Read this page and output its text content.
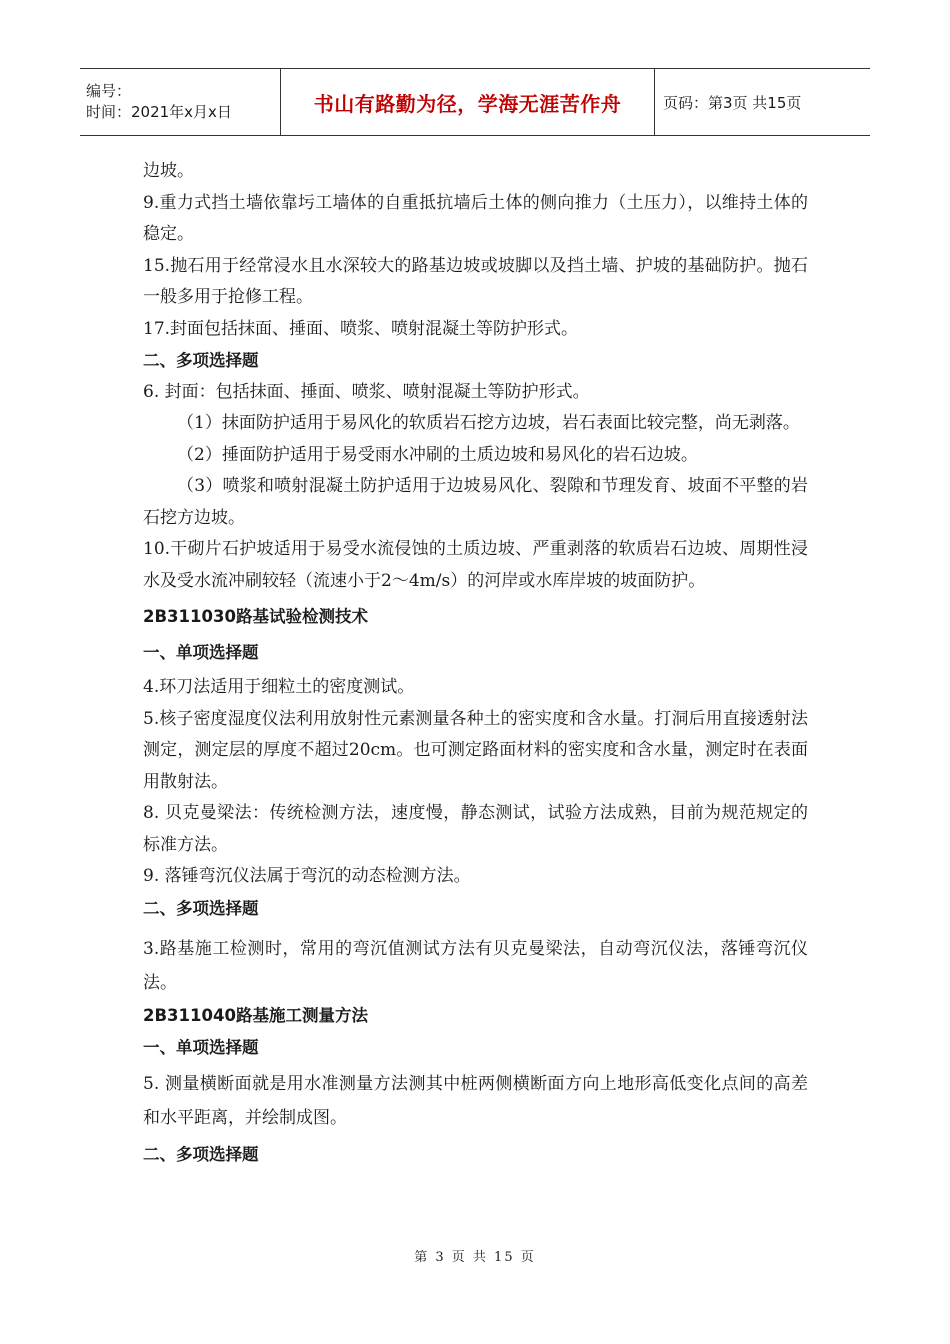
编号：
时间：2021年x月x日	书山有路勤为径，学海无涯苦作舟	页码：第3页 共15页

边坡。

9.重力式挡土墙依靠圬工墙体的自重抵抗墙后土体的侧向推力（土压力），以维持土体的稳定。

15.抛石用于经常浸水且水深较大的路基边坡或坡脚以及挡土墙、护坡的基础防护。抛石一般多用于抢修工程。

17.封面包括抹面、捶面、喷浆、喷射混凝土等防护形式。

二、多项选择题

6. 封面：包括抹面、捶面、喷浆、喷射混凝土等防护形式。

（1）抹面防护适用于易风化的软质岩石挖方边坡，岩石表面比较完整，尚无剥落。

（2）捶面防护适用于易受雨水冲刷的土质边坡和易风化的岩石边坡。

（3）喷浆和喷射混凝土防护适用于边坡易风化、裂隙和节理发育、坡面不平整的岩石挖方边坡。

10.干砌片石护坡适用于易受水流侵蚀的土质边坡、严重剥落的软质岩石边坡、周期性浸水及受水流冲刷较轻（流速小于2～4m/s）的河岸或水库岸坡的坡面防护。

2B311030路基试验检测技术

一、单项选择题

4.环刀法适用于细粒土的密度测试。

5.核子密度湿度仪法利用放射性元素测量各种土的密实度和含水量。打洞后用直接透射法测定，测定层的厚度不超过20cm。也可测定路面材料的密实度和含水量，测定时在表面用散射法。

8. 贝克曼梁法：传统检测方法，速度慢，静态测试，试验方法成熟，目前为规范规定的标准方法。

9. 落锤弯沉仪法属于弯沉的动态检测方法。

二、多项选择题

3.路基施工检测时，常用的弯沉值测试方法有贝克曼梁法，自动弯沉仪法，落锤弯沉仪法。

2B311040路基施工测量方法

一、单项选择题

5. 测量横断面就是用水准测量方法测其中桩两侧横断面方向上地形高低变化点间的高差和水平距离，并绘制成图。

二、多项选择题

第 3 页 共 15 页
